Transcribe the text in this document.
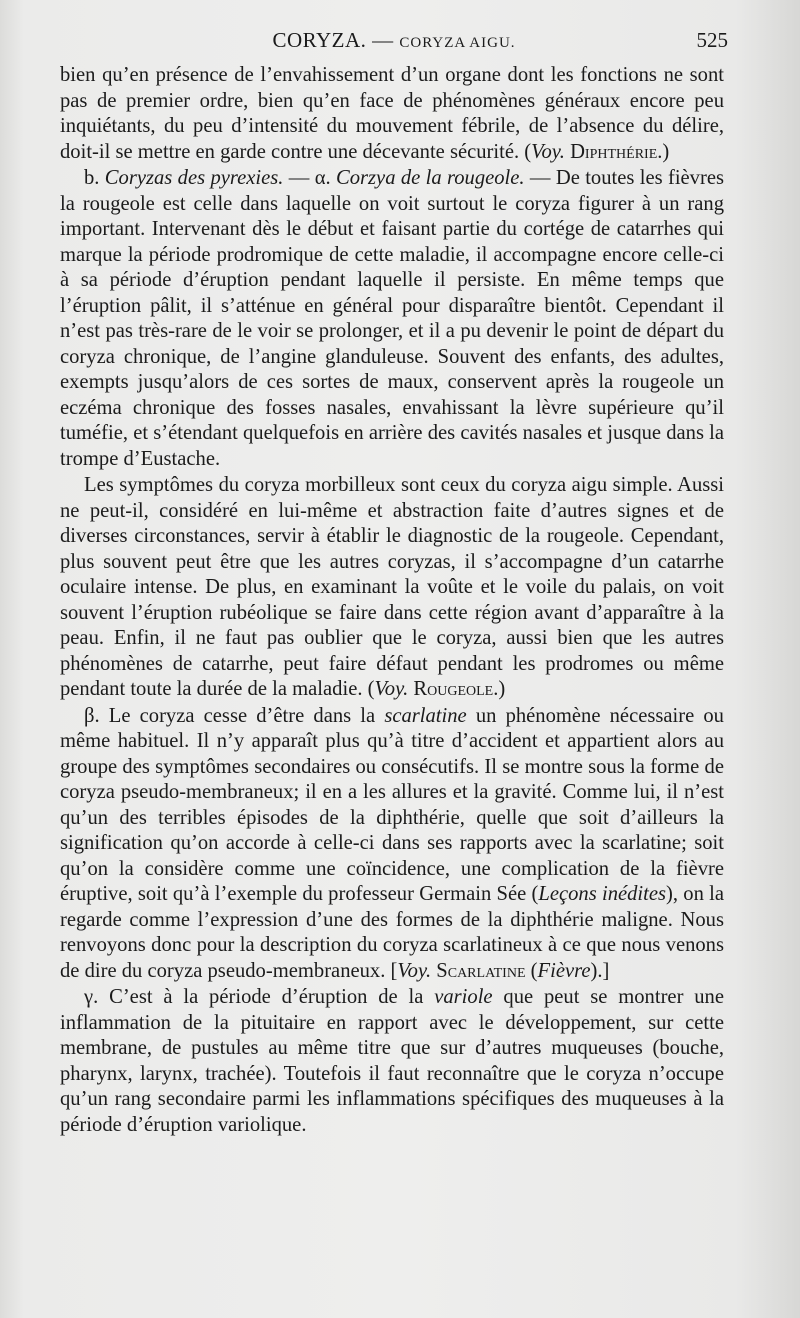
CORYZA. — CORYZA AIGU.	525

bien qu’en présence de l’envahissement d’un organe dont les fonctions ne sont pas de premier ordre, bien qu’en face de phénomènes généraux encore peu inquiétants, du peu d’intensité du mouvement fébrile, de l’absence du délire, doit-il se mettre en garde contre une décevante sécurité. (Voy. Diphthérie.)

b. Coryzas des pyrexies. — α. Corzya de la rougeole. — De toutes les fièvres la rougeole est celle dans laquelle on voit surtout le coryza figurer à un rang important. Intervenant dès le début et faisant partie du cortége de catarrhes qui marque la période prodromique de cette maladie, il accompagne encore celle-ci à sa période d’éruption pendant laquelle il persiste. En même temps que l’éruption pâlit, il s’atténue en général pour disparaître bientôt. Cependant il n’est pas très-rare de le voir se prolonger, et il a pu devenir le point de départ du coryza chronique, de l’angine glanduleuse. Souvent des enfants, des adultes, exempts jusqu’alors de ces sortes de maux, conservent après la rougeole un eczéma chronique des fosses nasales, envahissant la lèvre supérieure qu’il tuméfie, et s’étendant quelquefois en arrière des cavités nasales et jusque dans la trompe d’Eustache.

Les symptômes du coryza morbilleux sont ceux du coryza aigu simple. Aussi ne peut-il, considéré en lui-même et abstraction faite d’autres signes et de diverses circonstances, servir à établir le diagnostic de la rougeole. Cependant, plus souvent peut être que les autres coryzas, il s’accompagne d’un catarrhe oculaire intense. De plus, en examinant la voûte et le voile du palais, on voit souvent l’éruption rubéolique se faire dans cette région avant d’apparaître à la peau. Enfin, il ne faut pas oublier que le coryza, aussi bien que les autres phénomènes de catarrhe, peut faire défaut pendant les prodromes ou même pendant toute la durée de la maladie. (Voy. Rougeole.)

β. Le coryza cesse d’être dans la scarlatine un phénomène nécessaire ou même habituel. Il n’y apparaît plus qu’à titre d’accident et appartient alors au groupe des symptômes secondaires ou consécutifs. Il se montre sous la forme de coryza pseudo-membraneux; il en a les allures et la gravité. Comme lui, il n’est qu’un des terribles épisodes de la diphthérie, quelle que soit d’ailleurs la signification qu’on accorde à celle-ci dans ses rapports avec la scarlatine; soit qu’on la considère comme une coïncidence, une complication de la fièvre éruptive, soit qu’à l’exemple du professeur Germain Sée (Leçons inédites), on la regarde comme l’expression d’une des formes de la diphthérie maligne. Nous renvoyons donc pour la description du coryza scarlatineux à ce que nous venons de dire du coryza pseudo-membraneux. [Voy. Scarlatine (Fièvre).]

γ. C’est à la période d’éruption de la variole que peut se montrer une inflammation de la pituitaire en rapport avec le développement, sur cette membrane, de pustules au même titre que sur d’autres muqueuses (bouche, pharynx, larynx, trachée). Toutefois il faut reconnaître que le coryza n’occupe qu’un rang secondaire parmi les inflammations spécifiques des muqueuses à la période d’éruption variolique.
